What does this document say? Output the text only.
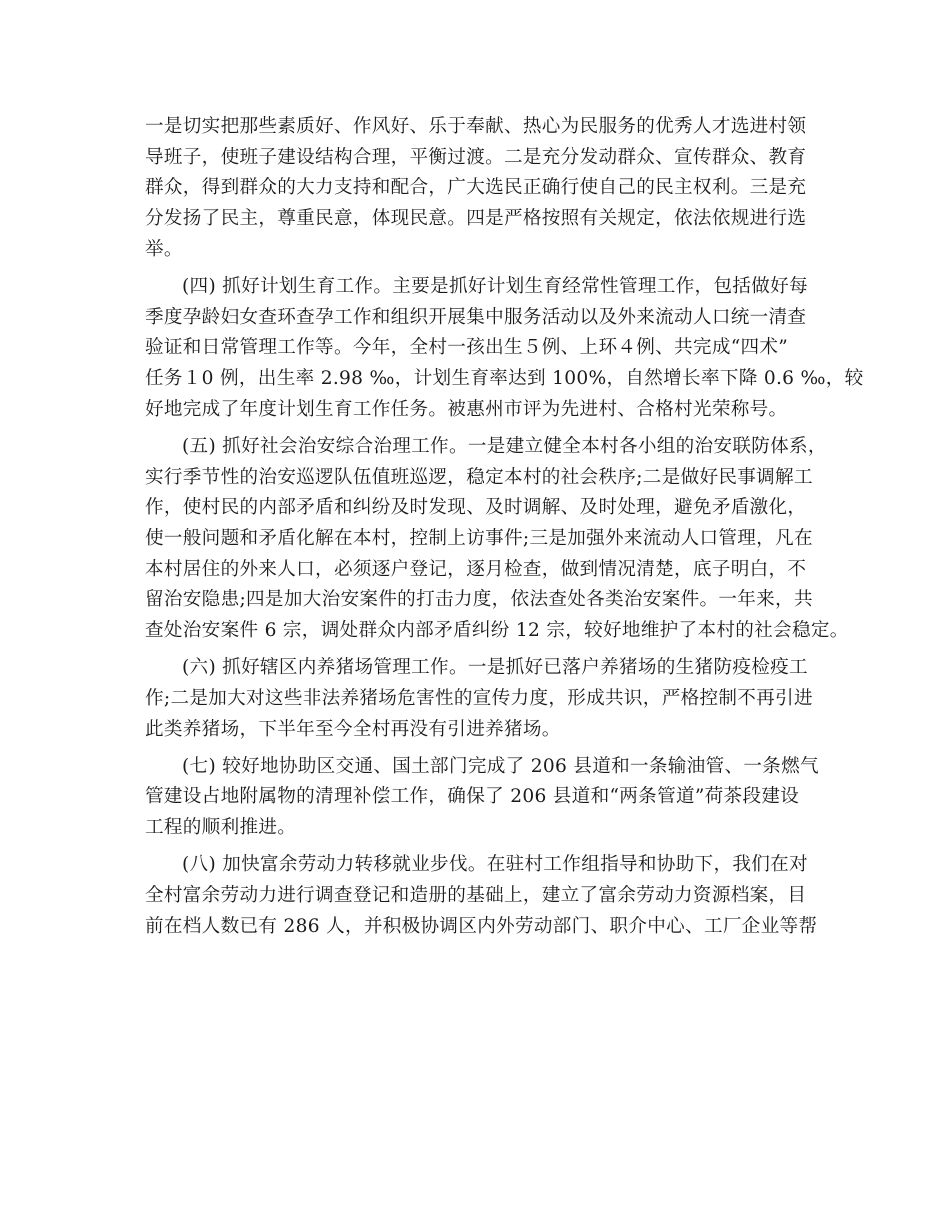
一是切实把那些素质好、作风好、乐于奉献、热心为民服务的优秀人才选进村领
导班子，使班子建设结构合理，平衡过渡。二是充分发动群众、宣传群众、教育
群众，得到群众的大力支持和配合，广大选民正确行使自己的民主权利。三是充
分发扬了民主，尊重民意，体现民意。四是严格按照有关规定，依法依规进行选
举。
(四) 抓好计划生育工作。主要是抓好计划生育经常性管理工作，包括做好每
季度孕龄妇女查环查孕工作和组织开展集中服务活动以及外来流动人口统一清查
验证和日常管理工作等。今年，全村一孩出生５例、上环４例、共完成“四术”
任务１0 例，出生率 2.98 ‰，计划生育率达到 100%，自然增长率下降 0.6 ‰，较
好地完成了年度计划生育工作任务。被惠州市评为先进村、合格村光荣称号。
(五) 抓好社会治安综合治理工作。一是建立健全本村各小组的治安联防体系，
实行季节性的治安巡逻队伍值班巡逻，稳定本村的社会秩序;二是做好民事调解工
作，使村民的内部矛盾和纠纷及时发现、及时调解、及时处理，避免矛盾激化，
使一般问题和矛盾化解在本村，控制上访事件;三是加强外来流动人口管理，凡在
本村居住的外来人口，必须逐户登记，逐月检查，做到情况清楚，底子明白，不
留治安隐患;四是加大治安案件的打击力度，依法查处各类治安案件。一年来，共
查处治安案件 6 宗，调处群众内部矛盾纠纷 12 宗，较好地维护了本村的社会稳定。
(六) 抓好辖区内养猪场管理工作。一是抓好已落户养猪场的生猪防疫检疫工
作;二是加大对这些非法养猪场危害性的宣传力度，形成共识，严格控制不再引进
此类养猪场，下半年至今全村再没有引进养猪场。
(七) 较好地协助区交通、国土部门完成了 206 县道和一条输油管、一条燃气
管建设占地附属物的清理补偿工作，确保了 206 县道和“两条管道”荷茶段建设
工程的顺利推进。
(八) 加快富余劳动力转移就业步伐。在驻村工作组指导和协助下，我们在对
全村富余劳动力进行调查登记和造册的基础上，建立了富余劳动力资源档案，目
前在档人数已有 286 人，并积极协调区内外劳动部门、职介中心、工厂企业等帮
